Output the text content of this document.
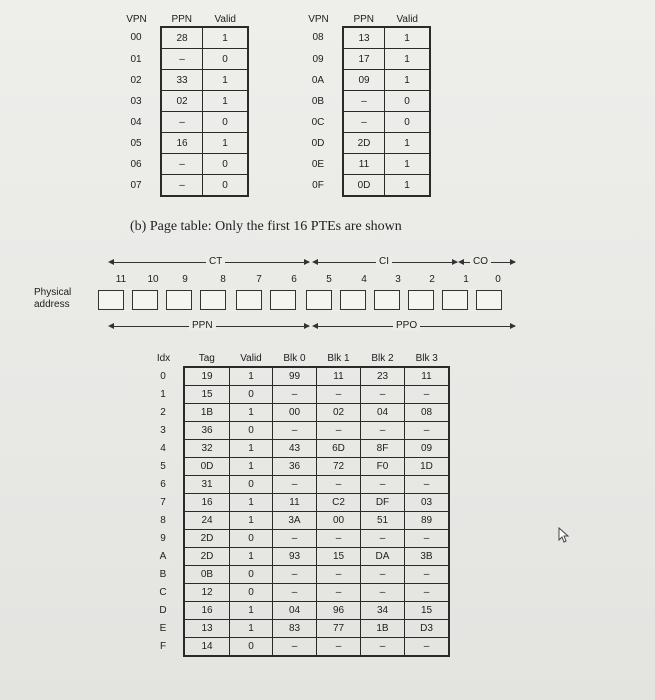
VPN	PPN	Valid
00	28	1
01	–	0
02	33	1
03	02	1
04	–	0
05	16	1
06	–	0
07	–	0
VPN	PPN	Valid
08	13	1
09	17	1
0A	09	1
0B	–	0
0C	–	0
0D	2D	1
0E	11	1
0F	0D	1
(b) Page table: Only the first 16 PTEs are shown
CT	CI	CO
11	10	9	8	7	6	5	4	3	2	1	0
Physical
address
PPN	PPO
Idx	Tag	Valid	Blk 0	Blk 1	Blk 2	Blk 3
0	19	1	99	11	23	11
1	15	0	–	–	–	–
2	1B	1	00	02	04	08
3	36	0	–	–	–	–
4	32	1	43	6D	8F	09
5	0D	1	36	72	F0	1D
6	31	0	–	–	–	–
7	16	1	11	C2	DF	03
8	24	1	3A	00	51	89
9	2D	0	–	–	–	–
A	2D	1	93	15	DA	3B
B	0B	0	–	–	–	–
C	12	0	–	–	–	–
D	16	1	04	96	34	15
E	13	1	83	77	1B	D3
F	14	0	–	–	–	–
